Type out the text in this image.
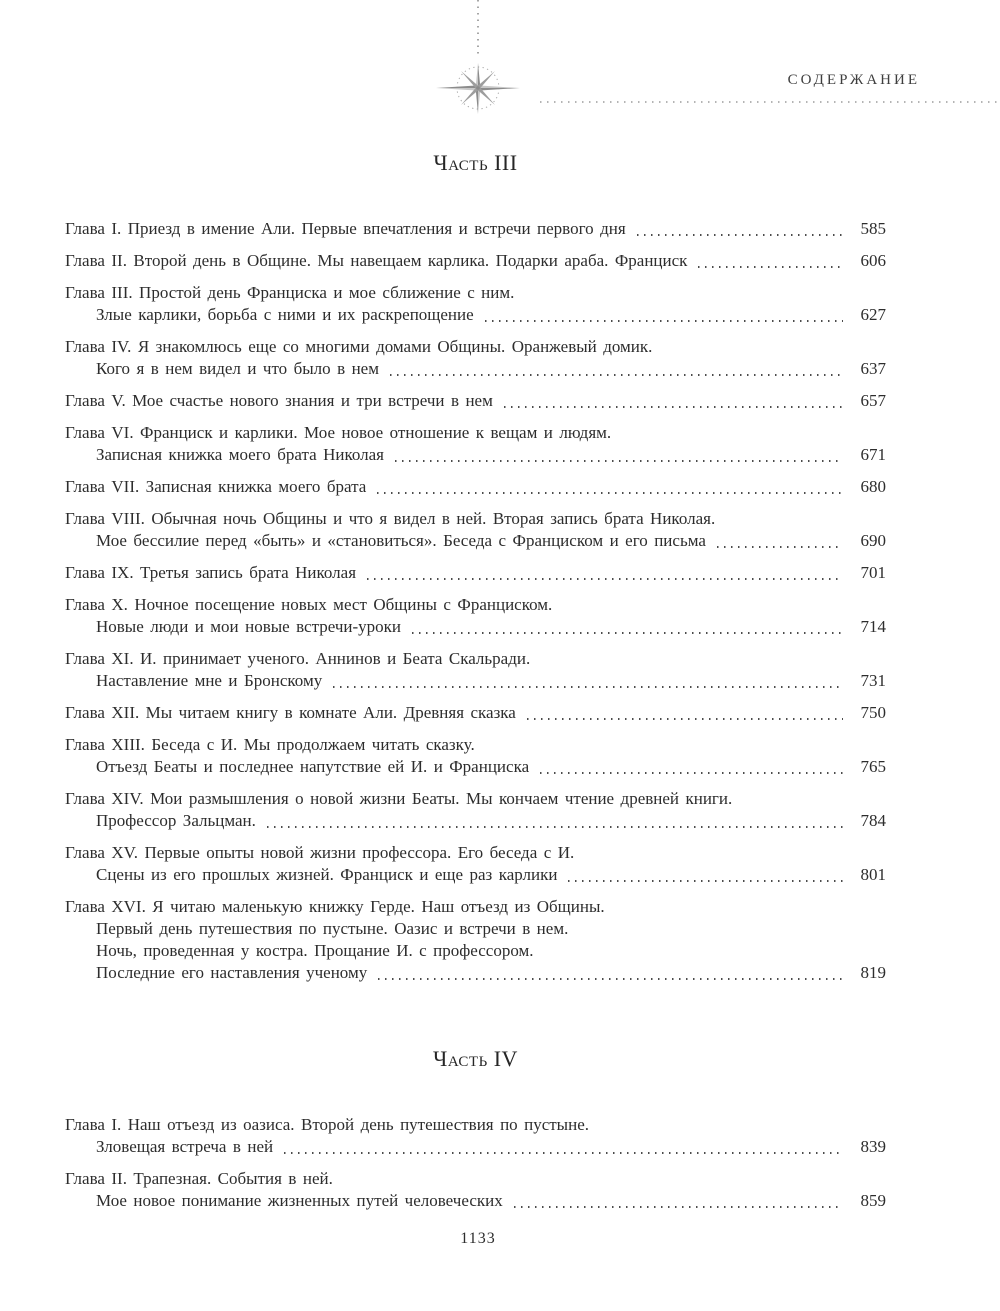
СОДЕРЖАНИЕ
Часть III
Глава I. Приезд в имение Али. Первые впечатления и встречи первого дня	585
Глава II. Второй день в Общине. Мы навещаем карлика. Подарки араба. Франциск	606
Глава III. Простой день Франциска и мое сближение с ним.
Злые карлики, борьба с ними и их раскрепощение	627
Глава IV. Я знакомлюсь еще со многими домами Общины. Оранжевый домик.
Кого я в нем видел и что было в нем	637
Глава V. Мое счастье нового знания и три встречи в нем	657
Глава VI. Франциск и карлики. Мое новое отношение к вещам и людям.
Записная книжка моего брата Николая	671
Глава VII. Записная книжка моего брата	680
Глава VIII. Обычная ночь Общины и что я видел в ней. Вторая запись брата Николая.
Мое бессилие перед «быть» и «становиться». Беседа с Франциском и его письма	690
Глава IX. Третья запись брата Николая	701
Глава X. Ночное посещение новых мест Общины с Франциском.
Новые люди и мои новые встречи-уроки	714
Глава XI. И. принимает ученого. Аннинов и Беата Скальради.
Наставление мне и Бронскому	731
Глава XII. Мы читаем книгу в комнате Али. Древняя сказка	750
Глава XIII. Беседа с И. Мы продолжаем читать сказку.
Отъезд Беаты и последнее напутствие ей И. и Франциска	765
Глава XIV. Мои размышления о новой жизни Беаты. Мы кончаем чтение древней книги.
Профессор Зальцман.	784
Глава XV. Первые опыты новой жизни профессора. Его беседа с И.
Сцены из его прошлых жизней. Франциск и еще раз карлики	801
Глава XVI. Я читаю маленькую книжку Герде. Наш отъезд из Общины.
Первый день путешествия по пустыне. Оазис и встречи в нем.
Ночь, проведенная у костра. Прощание И. с профессором.
Последние его наставления ученому	819
Часть IV
Глава I. Наш отъезд из оазиса. Второй день путешествия по пустыне.
Зловещая встреча в ней	839
Глава II. Трапезная. События в ней.
Мое новое понимание жизненных путей человеческих	859
1133
